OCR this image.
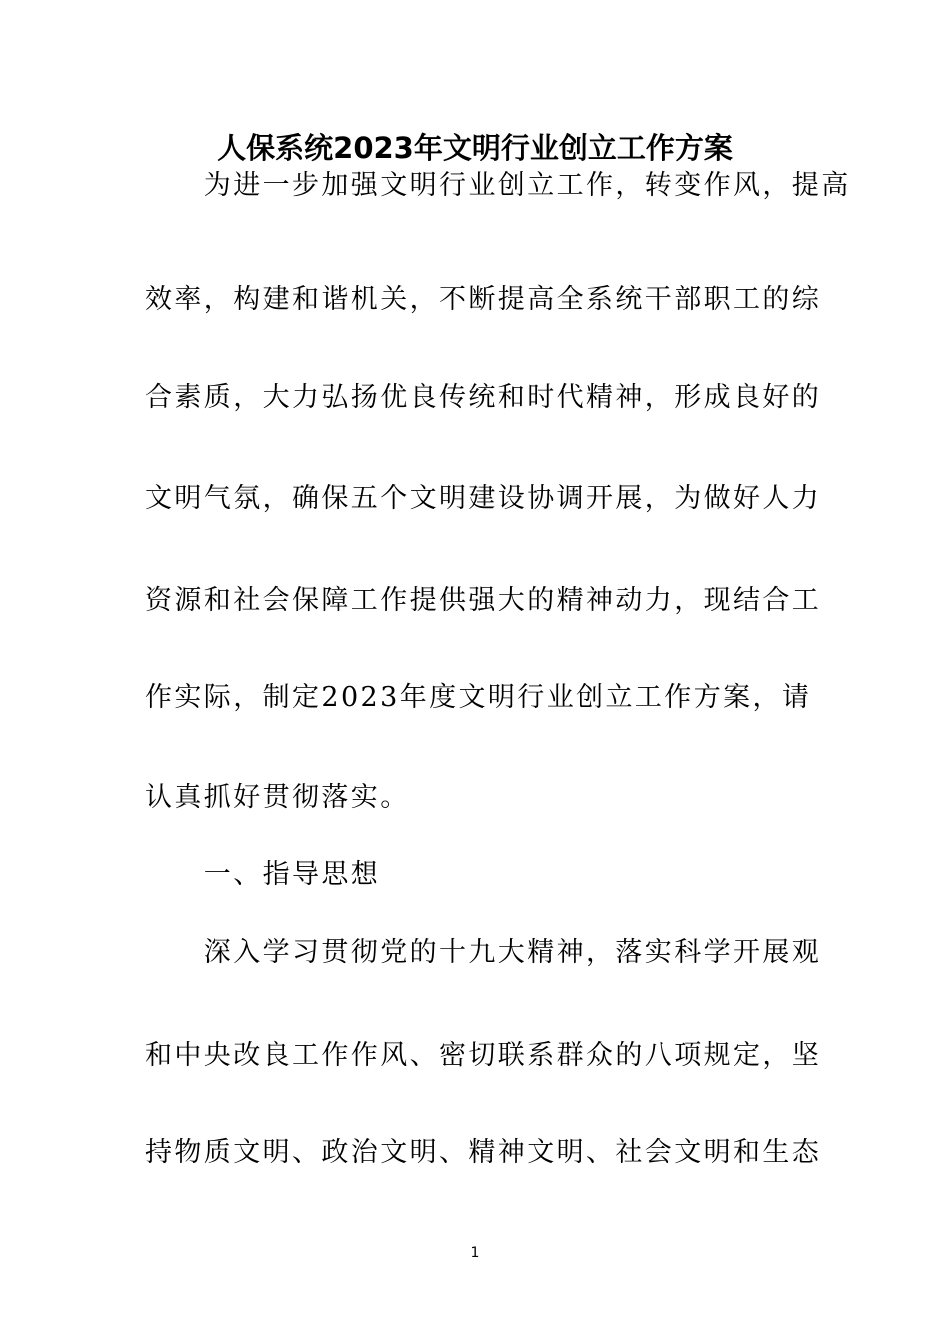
人保系统2023年文明行业创立工作方案
　　为进一步加强文明行业创立工作，转变作风，提高
效率，构建和谐机关，不断提高全系统干部职工的综
合素质，大力弘扬优良传统和时代精神，形成良好的
文明气氛，确保五个文明建设协调开展，为做好人力
资源和社会保障工作提供强大的精神动力，现结合工
作实际，制定2023年度文明行业创立工作方案，请
认真抓好贯彻落实。
　　一、指导思想
　　深入学习贯彻党的十九大精神，落实科学开展观
和中央改良工作作风、密切联系群众的八项规定，坚
持物质文明、政治文明、精神文明、社会文明和生态
1
